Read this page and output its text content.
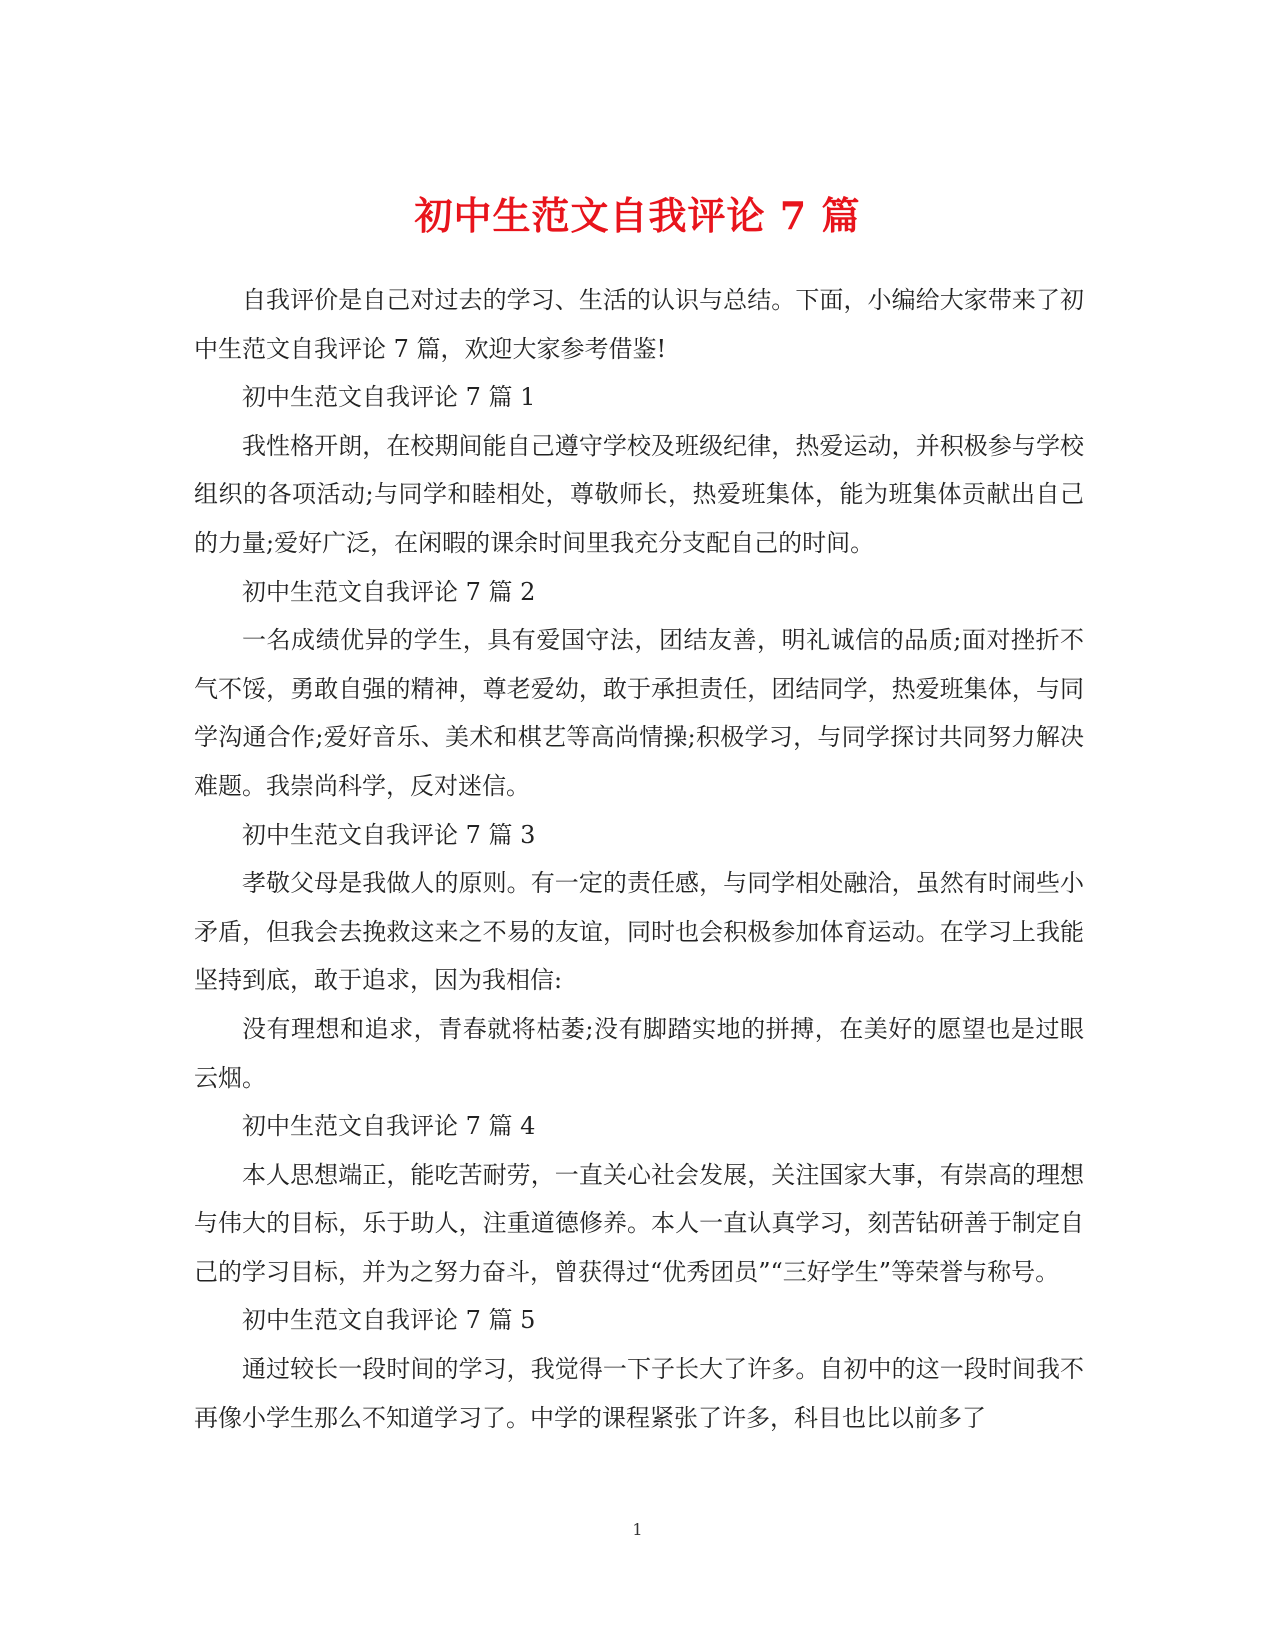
初中生范文自我评论 7 篇

自我评价是自己对过去的学习、生活的认识与总结。下面，小编给大家带来了初中生范文自我评论 7 篇，欢迎大家参考借鉴!

初中生范文自我评论 7 篇 1

我性格开朗，在校期间能自己遵守学校及班级纪律，热爱运动，并积极参与学校组织的各项活动;与同学和睦相处，尊敬师长，热爱班集体，能为班集体贡献出自己的力量;爱好广泛，在闲暇的课余时间里我充分支配自己的时间。

初中生范文自我评论 7 篇 2

一名成绩优异的学生，具有爱国守法，团结友善，明礼诚信的品质;面对挫折不气不馁，勇敢自强的精神，尊老爱幼，敢于承担责任，团结同学，热爱班集体，与同学沟通合作;爱好音乐、美术和棋艺等高尚情操;积极学习，与同学探讨共同努力解决难题。我崇尚科学，反对迷信。

初中生范文自我评论 7 篇 3

孝敬父母是我做人的原则。有一定的责任感，与同学相处融洽，虽然有时闹些小矛盾，但我会去挽救这来之不易的友谊，同时也会积极参加体育运动。在学习上我能坚持到底，敢于追求，因为我相信:

没有理想和追求，青春就将枯萎;没有脚踏实地的拼搏，在美好的愿望也是过眼云烟。

初中生范文自我评论 7 篇 4

本人思想端正，能吃苦耐劳，一直关心社会发展，关注国家大事，有崇高的理想与伟大的目标，乐于助人，注重道德修养。本人一直认真学习，刻苦钻研善于制定自己的学习目标，并为之努力奋斗，曾获得过“优秀团员”“三好学生”等荣誉与称号。

初中生范文自我评论 7 篇 5

通过较长一段时间的学习，我觉得一下子长大了许多。自初中的这一段时间我不再像小学生那么不知道学习了。中学的课程紧张了许多，科目也比以前多了

1
